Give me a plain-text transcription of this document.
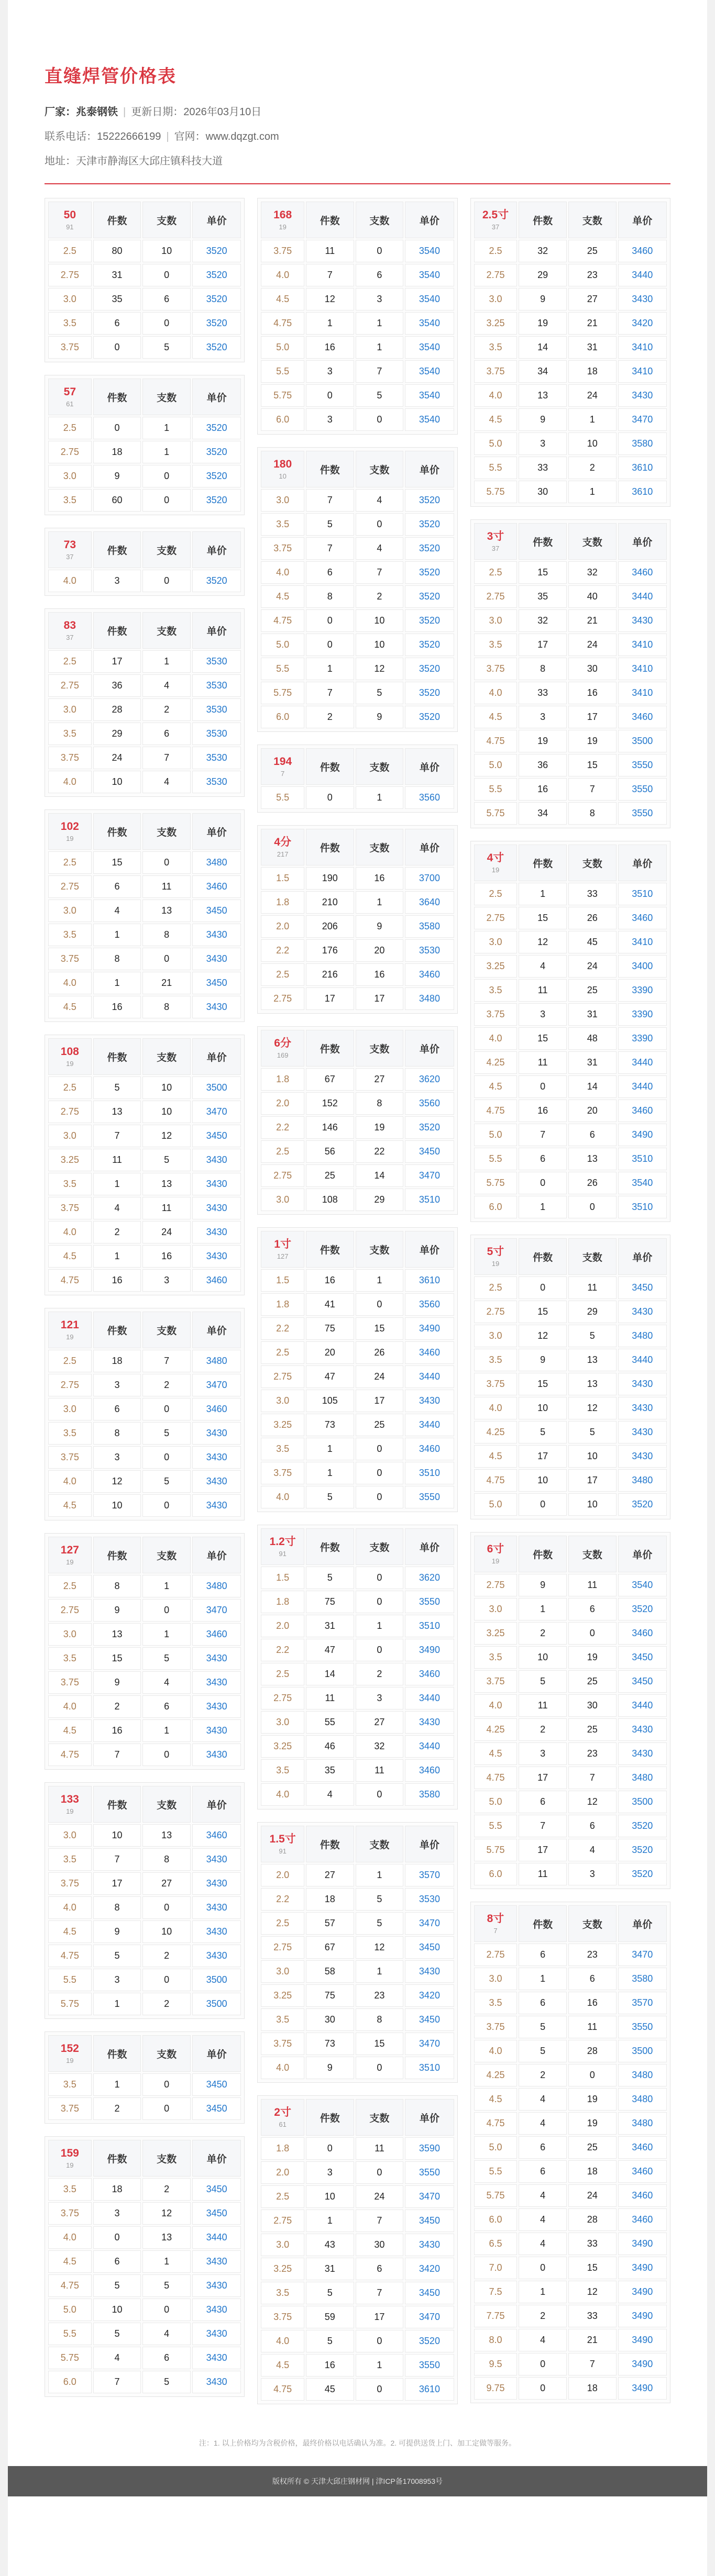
直缝焊管价格表
厂家：兆泰钢铁 | 更新日期：2026年03月10日
联系电话：15222666199 | 官网：www.dqzgt.com
地址：天津市静海区大邱庄镇科技大道
50
91	件数	支数	单价
2.5	80	10	3520
2.75	31	0	3520
3.0	35	6	3520
3.5	6	0	3520
3.75	0	5	3520
57
61	件数	支数	单价
2.5	0	1	3520
2.75	18	1	3520
3.0	9	0	3520
3.5	60	0	3520
73
37	件数	支数	单价
4.0	3	0	3520
83
37	件数	支数	单价
2.5	17	1	3530
2.75	36	4	3530
3.0	28	2	3530
3.5	29	6	3530
3.75	24	7	3530
4.0	10	4	3530
102
19	件数	支数	单价
2.5	15	0	3480
2.75	6	11	3460
3.0	4	13	3450
3.5	1	8	3430
3.75	8	0	3430
4.0	1	21	3450
4.5	16	8	3430
108
19	件数	支数	单价
2.5	5	10	3500
2.75	13	10	3470
3.0	7	12	3450
3.25	11	5	3430
3.5	1	13	3430
3.75	4	11	3430
4.0	2	24	3430
4.5	1	16	3430
4.75	16	3	3460
121
19	件数	支数	单价
2.5	18	7	3480
2.75	3	2	3470
3.0	6	0	3460
3.5	8	5	3430
3.75	3	0	3430
4.0	12	5	3430
4.5	10	0	3430
127
19	件数	支数	单价
2.5	8	1	3480
2.75	9	0	3470
3.0	13	1	3460
3.5	15	5	3430
3.75	9	4	3430
4.0	2	6	3430
4.5	16	1	3430
4.75	7	0	3430
133
19	件数	支数	单价
3.0	10	13	3460
3.5	7	8	3430
3.75	17	27	3430
4.0	8	0	3430
4.5	9	10	3430
4.75	5	2	3430
5.5	3	0	3500
5.75	1	2	3500
152
19	件数	支数	单价
3.5	1	0	3450
3.75	2	0	3450
159
19	件数	支数	单价
3.5	18	2	3450
3.75	3	12	3450
4.0	0	13	3440
4.5	6	1	3430
4.75	5	5	3430
5.0	10	0	3430
5.5	5	4	3430
5.75	4	6	3430
6.0	7	5	3430
168
19	件数	支数	单价
3.75	11	0	3540
4.0	7	6	3540
4.5	12	3	3540
4.75	1	1	3540
5.0	16	1	3540
5.5	3	7	3540
5.75	0	5	3540
6.0	3	0	3540
180
10	件数	支数	单价
3.0	7	4	3520
3.5	5	0	3520
3.75	7	4	3520
4.0	6	7	3520
4.5	8	2	3520
4.75	0	10	3520
5.0	0	10	3520
5.5	1	12	3520
5.75	7	5	3520
6.0	2	9	3520
194
7	件数	支数	单价
5.5	0	1	3560
4分
217	件数	支数	单价
1.5	190	16	3700
1.8	210	1	3640
2.0	206	9	3580
2.2	176	20	3530
2.5	216	16	3460
2.75	17	17	3480
6分
169	件数	支数	单价
1.8	67	27	3620
2.0	152	8	3560
2.2	146	19	3520
2.5	56	22	3450
2.75	25	14	3470
3.0	108	29	3510
1寸
127	件数	支数	单价
1.5	16	1	3610
1.8	41	0	3560
2.2	75	15	3490
2.5	20	26	3460
2.75	47	24	3440
3.0	105	17	3430
3.25	73	25	3440
3.5	1	0	3460
3.75	1	0	3510
4.0	5	0	3550
1.2寸
91	件数	支数	单价
1.5	5	0	3620
1.8	75	0	3550
2.0	31	1	3510
2.2	47	0	3490
2.5	14	2	3460
2.75	11	3	3440
3.0	55	27	3430
3.25	46	32	3440
3.5	35	11	3460
4.0	4	0	3580
1.5寸
91	件数	支数	单价
2.0	27	1	3570
2.2	18	5	3530
2.5	57	5	3470
2.75	67	12	3450
3.0	58	1	3430
3.25	75	23	3420
3.5	30	8	3450
3.75	73	15	3470
4.0	9	0	3510
2寸
61	件数	支数	单价
1.8	0	11	3590
2.0	3	0	3550
2.5	10	24	3470
2.75	1	7	3450
3.0	43	30	3430
3.25	31	6	3420
3.5	5	7	3450
3.75	59	17	3470
4.0	5	0	3520
4.5	16	1	3550
4.75	45	0	3610
2.5寸
37	件数	支数	单价
2.5	32	25	3460
2.75	29	23	3440
3.0	9	27	3430
3.25	19	21	3420
3.5	14	31	3410
3.75	34	18	3410
4.0	13	24	3430
4.5	9	1	3470
5.0	3	10	3580
5.5	33	2	3610
5.75	30	1	3610
3寸
37	件数	支数	单价
2.5	15	32	3460
2.75	35	40	3440
3.0	32	21	3430
3.5	17	24	3410
3.75	8	30	3410
4.0	33	16	3410
4.5	3	17	3460
4.75	19	19	3500
5.0	36	15	3550
5.5	16	7	3550
5.75	34	8	3550
4寸
19	件数	支数	单价
2.5	1	33	3510
2.75	15	26	3460
3.0	12	45	3410
3.25	4	24	3400
3.5	11	25	3390
3.75	3	31	3390
4.0	15	48	3390
4.25	11	31	3440
4.5	0	14	3440
4.75	16	20	3460
5.0	7	6	3490
5.5	6	13	3510
5.75	0	26	3540
6.0	1	0	3510
5寸
19	件数	支数	单价
2.5	0	11	3450
2.75	15	29	3430
3.0	12	5	3480
3.5	9	13	3440
3.75	15	13	3430
4.0	10	12	3430
4.25	5	5	3430
4.5	17	10	3430
4.75	10	17	3480
5.0	0	10	3520
6寸
19	件数	支数	单价
2.75	9	11	3540
3.0	1	6	3520
3.25	2	0	3460
3.5	10	19	3450
3.75	5	25	3450
4.0	11	30	3440
4.25	2	25	3430
4.5	3	23	3430
4.75	17	7	3480
5.0	6	12	3500
5.5	7	6	3520
5.75	17	4	3520
6.0	11	3	3520
8寸
7	件数	支数	单价
2.75	6	23	3470
3.0	1	6	3580
3.5	6	16	3570
3.75	5	11	3550
4.0	5	28	3500
4.25	2	0	3480
4.5	4	19	3480
4.75	4	19	3480
5.0	6	25	3460
5.5	6	18	3460
5.75	4	24	3460
6.0	4	28	3460
6.5	4	33	3490
7.0	0	15	3490
7.5	1	12	3490
7.75	2	33	3490
8.0	4	21	3490
9.5	0	7	3490
9.75	0	18	3490
注：1. 以上价格均为含税价格，最终价格以电话确认为准。2. 可提供送货上门、加工定做等服务。
版权所有 © 天津大邱庄钢材网 | 津ICP备17008953号
